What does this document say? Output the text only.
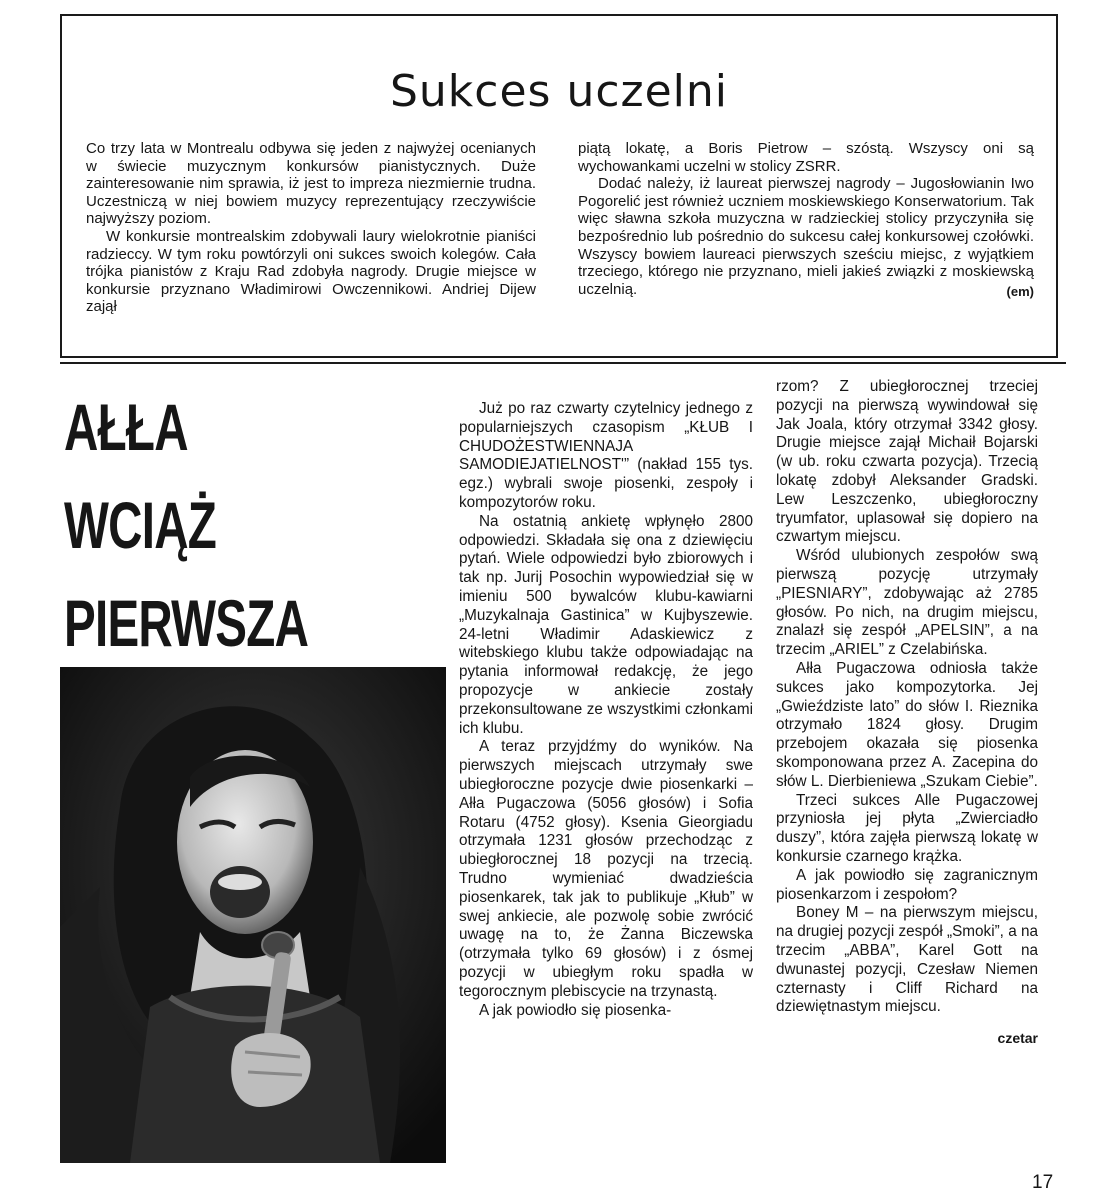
Sukces uczelni

Co trzy lata w Montrealu odbywa się jeden z najwyżej ocenianych w świecie muzycznym konkursów pianistycznych. Duże zainteresowanie nim sprawia, iż jest to impreza niezmiernie trudna. Uczestniczą w niej bowiem muzycy reprezentujący rzeczywiście najwyższy poziom.

W konkursie montrealskim zdobywali laury wielokrotnie pianiści radzieccy. W tym roku powtórzyli oni sukces swoich kolegów. Cała trójka pianistów z Kraju Rad zdobyła nagrody. Drugie miejsce w konkursie przyznano Władimirowi Owczennikowi. Andriej Dijew zajął

piątą lokatę, a Boris Pietrow – szóstą. Wszyscy oni są wychowankami uczelni w stolicy ZSRR.

Dodać należy, iż laureat pierwszej nagrody – Jugosłowianin Iwo Pogorelić jest również uczniem moskiewskiego Konserwatorium. Tak więc sławna szkoła muzyczna w radzieckiej stolicy przyczyniła się bezpośrednio lub pośrednio do sukcesu całej konkursowej czołówki. Wszyscy bowiem laureaci pierwszych sześciu miejsc, z wyjątkiem trzeciego, którego nie przyznano, mieli jakieś związki z moskiewską uczelnią.	(em)

AŁŁA
WCIĄŻ
PIERWSZA

Już po raz czwarty czytelnicy jednego z popularniejszych czasopism „KŁUB I CHUDOŻESTWIENNAJA SAMODIEJATIELNOST'” (nakład 155 tys. egz.) wybrali swoje piosenki, zespoły i kompozytorów roku.

Na ostatnią ankietę wpłynęło 2800 odpowiedzi. Składała się ona z dziewięciu pytań. Wiele odpowiedzi było zbiorowych i tak np. Jurij Posochin wypowiedział się w imieniu 500 bywalców klubu-kawiarni „Muzykalnaja Gastinica” w Kujbyszewie. 24-letni Władimir Adaskiewicz z witebskiego klubu także odpowiadając na pytania informował redakcję, że jego propozycje w ankiecie zostały przekonsultowane ze wszystkimi członkami ich klubu.

A teraz przyjdźmy do wyników. Na pierwszych miejscach utrzymały swe ubiegłoroczne pozycje dwie piosenkarki – Ałła Pugaczowa (5056 głosów) i Sofia Rotaru (4752 głosy). Ksenia Gieorgiadu otrzymała 1231 głosów przechodząc z ubiegłorocznej 18 pozycji na trzecią. Trudno wymieniać dwadzieścia piosenkarek, tak jak to publikuje „Kłub” w swej ankiecie, ale pozwolę sobie zwrócić uwagę na to, że Żanna Biczewska (otrzymała tylko 69 głosów) i z ósmej pozycji w ubiegłym roku spadła w tegorocznym plebiscycie na trzynastą.

A jak powiodło się piosenka-

rzom? Z ubiegłorocznej trzeciej pozycji na pierwszą wywindował się Jak Joala, który otrzymał 3342 głosy. Drugie miejsce zajął Michaił Bojarski (w ub. roku czwarta pozycja). Trzecią lokatę zdobył Aleksander Gradski. Lew Leszczenko, ubiegłoroczny tryumfator, uplasował się dopiero na czwartym miejscu.

Wśród ulubionych zespołów swą pierwszą pozycję utrzymały „PIESNIARY”, zdobywając aż 2785 głosów. Po nich, na drugim miejscu, znalazł się zespół „APELSIN”, a na trzecim „ARIEL” z Czelabińska.

Ałła Pugaczowa odniosła także sukces jako kompozytorka. Jej „Gwieździste lato” do słów I. Rieznika otrzymało 1824 głosy. Drugim przebojem okazała się piosenka skomponowana przez A. Zacepina do słów L. Dierbieniewa „Szukam Ciebie”.

Trzeci sukces Alle Pugaczowej przyniosła jej płyta „Zwierciadło duszy”, która zajęła pierwszą lokatę w konkursie czarnego krążka.

A jak powiodło się zagranicznym piosenkarzom i zespołom?

Boney M – na pierwszym miejscu, na drugiej pozycji zespół „Smoki”, a na trzecim „ABBA”, Karel Gott na dwunastej pozycji, Czesław Niemen czternasty i Cliff Richard na dziewiętnastym miejscu.

czetar
17
